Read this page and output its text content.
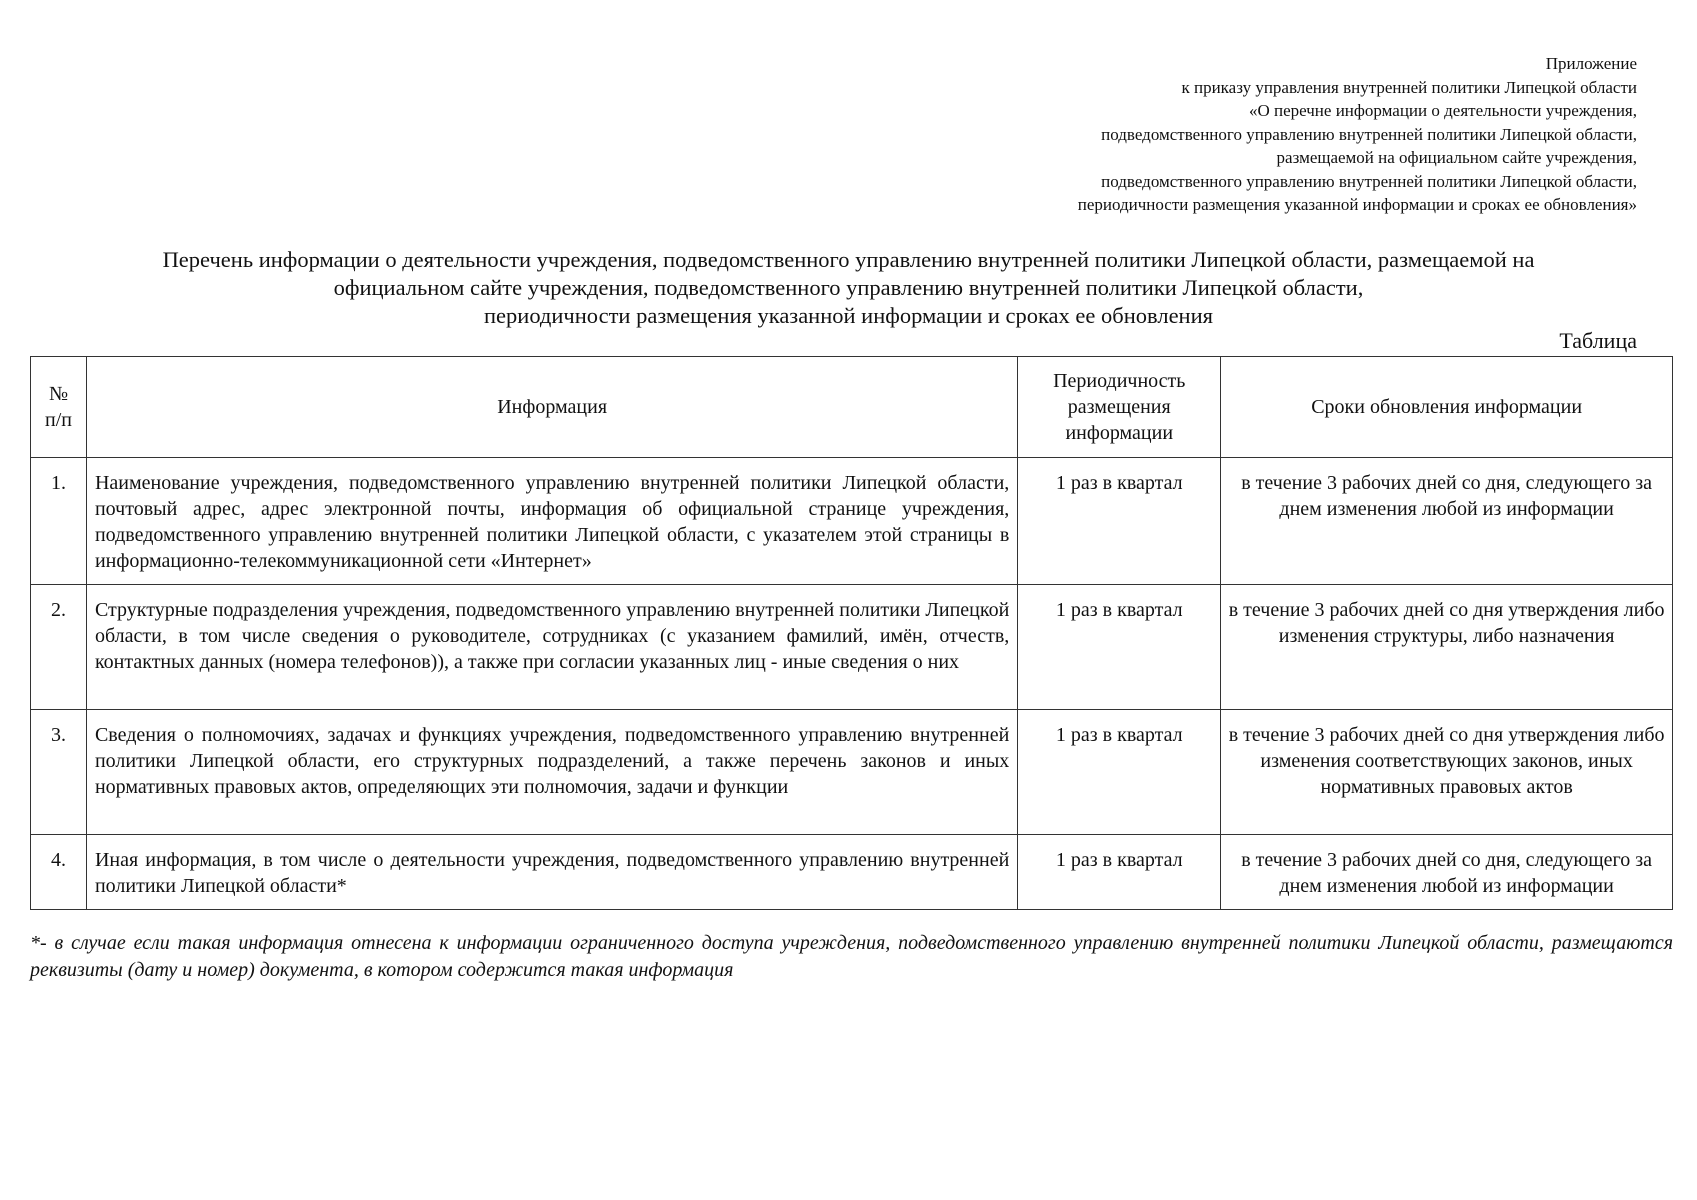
Приложение
к приказу управления внутренней политики Липецкой области
«О перечне информации о деятельности учреждения,
подведомственного управлению внутренней политики Липецкой области,
размещаемой на официальном сайте учреждения,
подведомственного управлению внутренней политики Липецкой области,
периодичности размещения указанной информации и сроках ее обновления»
Перечень информации о деятельности учреждения, подведомственного управлению внутренней политики Липецкой области, размещаемой на
официальном сайте учреждения, подведомственного управлению внутренней политики Липецкой области,
периодичности размещения указанной информации и сроках ее обновления
Таблица
№ п/п	Информация	Периодичность размещения информации	Сроки обновления информации
1.	Наименование учреждения, подведомственного управлению внутренней политики Липецкой области, почтовый адрес, адрес электронной почты, информация об официальной странице учреждения, подведомственного управлению внутренней политики Липецкой области, с указателем этой страницы в информационно-телекоммуникационной сети «Интернет»	1 раз в квартал	в течение 3 рабочих дней со дня, следующего за днем изменения любой из информации
2.	Структурные подразделения учреждения, подведомственного управлению внутренней политики Липецкой области, в том числе сведения о руководителе, сотрудниках (с указанием фамилий, имён, отчеств, контактных данных (номера телефонов)), а также при согласии указанных лиц - иные сведения о них	1 раз в квартал	в течение 3 рабочих дней со дня утверждения либо изменения структуры, либо назначения
3.	Сведения о полномочиях, задачах и функциях учреждения, подведомственного управлению внутренней политики Липецкой области, его структурных подразделений, а также перечень законов и иных нормативных правовых актов, определяющих эти полномочия, задачи и функции	1 раз в квартал	в течение 3 рабочих дней со дня утверждения либо изменения соответствующих законов, иных нормативных правовых актов
4.	Иная информация, в том числе о деятельности учреждения, подведомственного управлению внутренней политики Липецкой области*	1 раз в квартал	в течение 3 рабочих дней со дня, следующего за днем изменения любой из информации
*- в случае если такая информация отнесена к информации ограниченного доступа учреждения, подведомственного управлению внутренней политики Липецкой области, размещаются реквизиты (дату и номер) документа, в котором содержится такая информация
